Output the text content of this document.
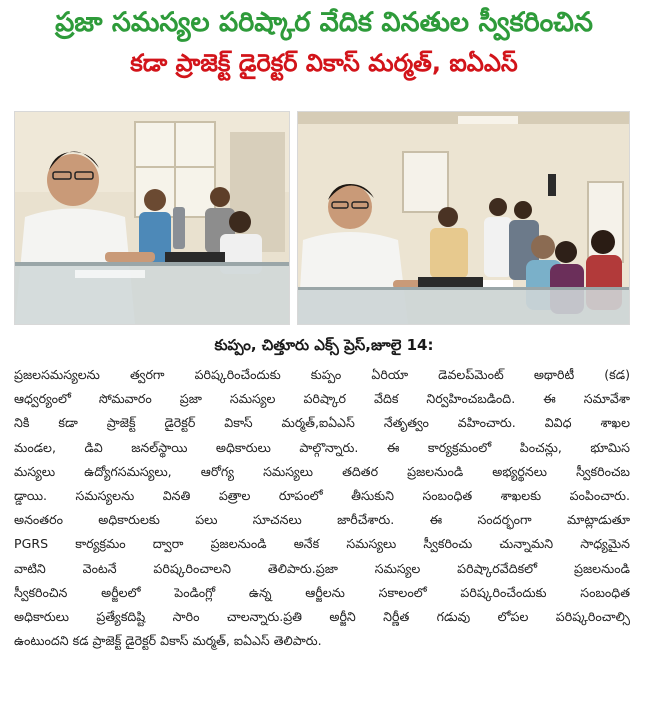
ప్రజా సమస్యల పరిష్కార వేదిక వినతుల స్వీకరించిన
కడా ప్రాజెక్ట్ డైరెక్టర్ వికాస్ మర్మత్, ఐఏఎస్
కుప్పం, చిత్తూరు ఎక్స్ ప్రెస్,జూలై 14:
ప్రజలసమస్యలను త్వరగా పరిష్కరించేందుకు కుప్పం ఏరియా డెవలప్‌మెంట్ అథారిటీ (కడ)
ఆధ్వర్యంలో సోమవారం ప్రజా సమస్యల పరిష్కార వేదిక నిర్వహించబడింది. ఈ సమావేశా
నికి కడా ప్రాజెక్ట్ డైరెక్టర్ వికాస్ మర్మత్,ఐఏఎస్ నేతృత్వం వహించారు. వివిధ శాఖల
మండల, డివి జనల్‌స్థాయి అధికారులు పాల్గొన్నారు. ఈ కార్యక్రమంలో పించన్లు, భూమిస
మస్యలు ఉద్యోగసమస్యలు, ఆరోగ్య సమస్యలు తదితర ప్రజలనుండి అభ్యర్థనలు స్వీకరించబ
డ్డాయి. సమస్యలను వినతి పత్రాల రూపంలో తీసుకుని సంబంధిత శాఖలకు పంపించారు.
అనంతరం అధికారులకు పలు సూచనలు జారీచేశారు. ఈ సందర్భంగా మాట్లాడుతూ
PGRS కార్యక్రమం ద్వారా ప్రజలనుండి అనేక సమస్యలు స్వీకరించు చున్నామని సాధ్యమైన
వాటిని వెంటనే పరిష్కరించాలని తెలిపారు.ప్రజా సమస్యల పరిష్కారవేదికలో ప్రజలనుండి
స్వీకరించిన అర్జీలలో పెండింగ్లో ఉన్న ఆర్జీలను సకాలంలో పరిష్కరించేందుకు సంబంధిత
అధికారులు ప్రత్యేకదిష్టి సారిం చాలన్నారు.ప్రతి అర్జీని నిర్ణీత గడువు లోపల పరిష్కరించాల్సి
ఉంటుందని కడ ప్రాజెక్ట్ డైరెక్టర్ వికాస్ మర్మత్, ఐఏఎస్ తెలిపారు.
